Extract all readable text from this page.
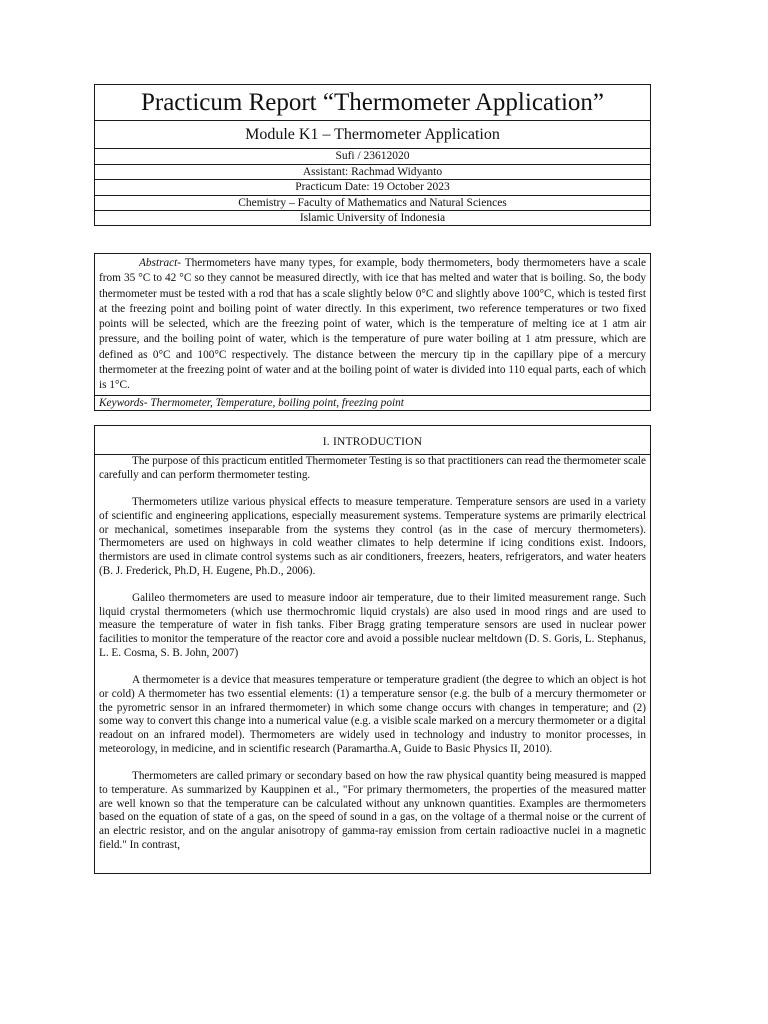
Practicum Report “Thermometer Application”
Module K1 – Thermometer Application
Sufi / 23612020
Assistant: Rachmad Widyanto
Practicum Date: 19 October 2023
Chemistry – Faculty of Mathematics and Natural Sciences
Islamic University of Indonesia
Abstract- Thermometers have many types, for example, body thermometers, body thermometers have a scale from 35 °C to 42 °C so they cannot be measured directly, with ice that has melted and water that is boiling. So, the body thermometer must be tested with a rod that has a scale slightly below 0°C and slightly above 100°C, which is tested first at the freezing point and boiling point of water directly. In this experiment, two reference temperatures or two fixed points will be selected, which are the freezing point of water, which is the temperature of melting ice at 1 atm air pressure, and the boiling point of water, which is the temperature of pure water boiling at 1 atm pressure, which are defined as 0°C and 100°C respectively. The distance between the mercury tip in the capillary pipe of a mercury thermometer at the freezing point of water and at the boiling point of water is divided into 110 equal parts, each of which is 1°C.
Keywords- Thermometer, Temperature, boiling point, freezing point
I. INTRODUCTION

The purpose of this practicum entitled Thermometer Testing is so that practitioners can read the thermometer scale carefully and can perform thermometer testing.

Thermometers utilize various physical effects to measure temperature. Temperature sensors are used in a variety of scientific and engineering applications, especially measurement systems. Temperature systems are primarily electrical or mechanical, sometimes inseparable from the systems they control (as in the case of mercury thermometers). Thermometers are used on highways in cold weather climates to help determine if icing conditions exist. Indoors, thermistors are used in climate control systems such as air conditioners, freezers, heaters, refrigerators, and water heaters (B. J. Frederick, Ph.D, H. Eugene, Ph.D., 2006).

Galileo thermometers are used to measure indoor air temperature, due to their limited measurement range. Such liquid crystal thermometers (which use thermochromic liquid crystals) are also used in mood rings and are used to measure the temperature of water in fish tanks. Fiber Bragg grating temperature sensors are used in nuclear power facilities to monitor the temperature of the reactor core and avoid a possible nuclear meltdown (D. S. Goris, L. Stephanus, L. E. Cosma, S. B. John, 2007)

A thermometer is a device that measures temperature or temperature gradient (the degree to which an object is hot or cold) A thermometer has two essential elements: (1) a temperature sensor (e.g. the bulb of a mercury thermometer or the pyrometric sensor in an infrared thermometer) in which some change occurs with changes in temperature; and (2) some way to convert this change into a numerical value (e.g. a visible scale marked on a mercury thermometer or a digital readout on an infrared model). Thermometers are widely used in technology and industry to monitor processes, in meteorology, in medicine, and in scientific research (Paramartha.A, Guide to Basic Physics II, 2010).

Thermometers are called primary or secondary based on how the raw physical quantity being measured is mapped to temperature. As summarized by Kauppinen et al., "For primary thermometers, the properties of the measured matter are well known so that the temperature can be calculated without any unknown quantities. Examples are thermometers based on the equation of state of a gas, on the speed of sound in a gas, on the voltage of a thermal noise or the current of an electric resistor, and on the angular anisotropy of gamma-ray emission from certain radioactive nuclei in a magnetic field." In contrast,
